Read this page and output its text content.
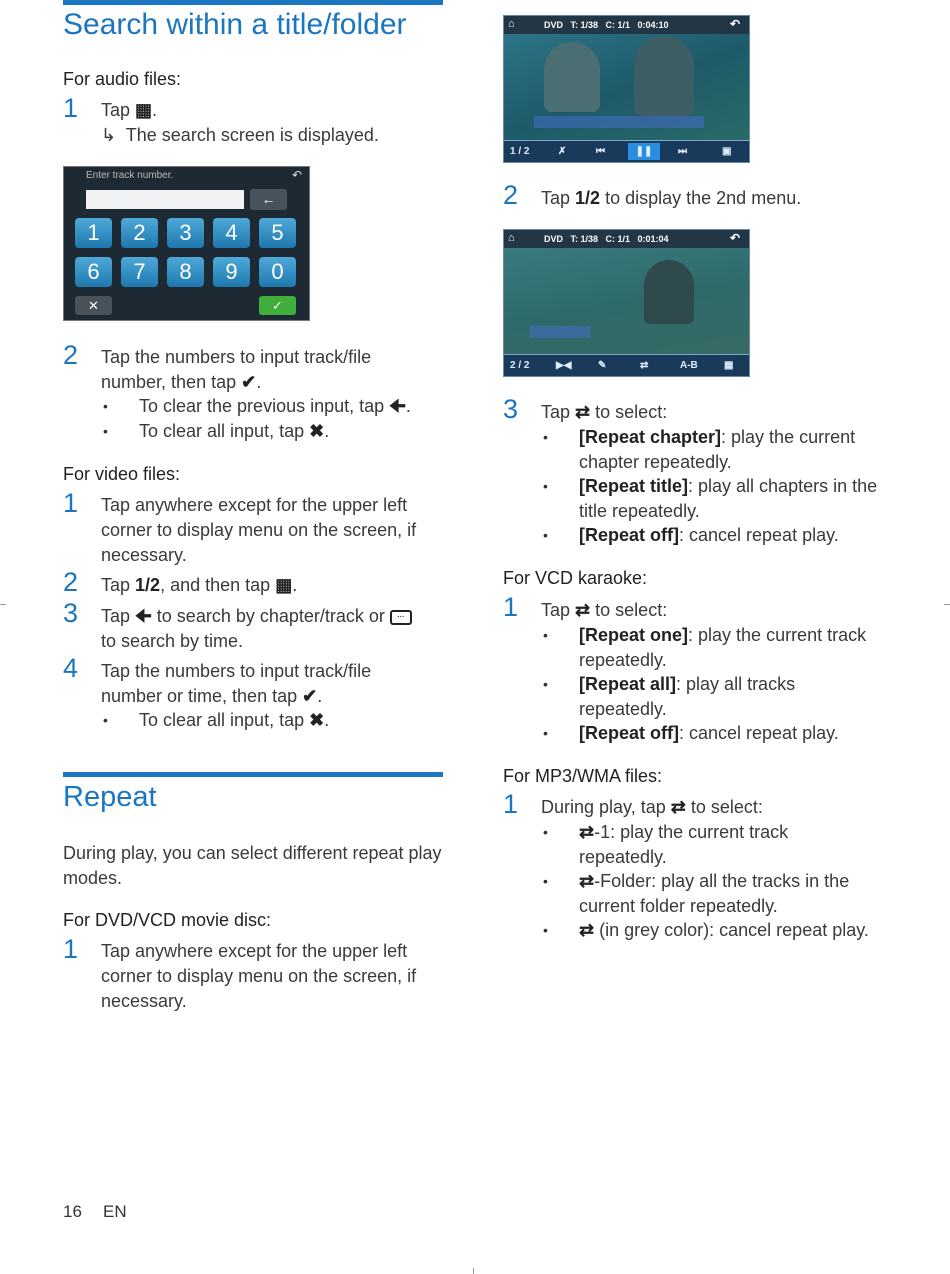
Search within a title/folder
For audio files:
1 Tap ▦.
↳ The search screen is displayed.
Enter track number.	↶
←
1	2	3	4	5
6	7	8	9	0
✕	✓
2 Tap the numbers to input track/file
number, then tap ✔.
• To clear the previous input, tap 🠈.
• To clear all input, tap ✖.
For video files:
1 Tap anywhere except for the upper left
corner to display menu on the screen, if
necessary.
2 Tap 1/2, and then tap ▦.
3 Tap 🠈 to search by chapter/track or ···
to search by time.
4 Tap the numbers to input track/file
number or time, then tap ✔.
• To clear all input, tap ✖.
Repeat
During play, you can select different repeat play
modes.
For DVD/VCD movie disc:
1 Tap anywhere except for the upper left
corner to display menu on the screen, if
necessary.
⌂	DVD   T: 1/38   C: 1/1   0:04:10	↶
1 / 2	✗	⏮	❚❚	⏭	▣
2 Tap 1/2 to display the 2nd menu.
⌂	DVD   T: 1/38   C: 1/1   0:01:04	↶
2 / 2	▶◀	✎	⇄	A-B	▦
3 Tap ⇄ to select:
• [Repeat chapter]: play the current
chapter repeatedly.
• [Repeat title]: play all chapters in the
title repeatedly.
• [Repeat off]: cancel repeat play.
For VCD karaoke:
1 Tap ⇄ to select:
• [Repeat one]: play the current track
repeatedly.
• [Repeat all]: play all tracks
repeatedly.
• [Repeat off]: cancel repeat play.
For MP3/WMA files:
1 During play, tap ⇄ to select:
• ⇄-1: play the current track
repeatedly.
• ⇄-Folder: play all the tracks in the
current folder repeatedly.
• ⇄ (in grey color): cancel repeat play.
16 EN
